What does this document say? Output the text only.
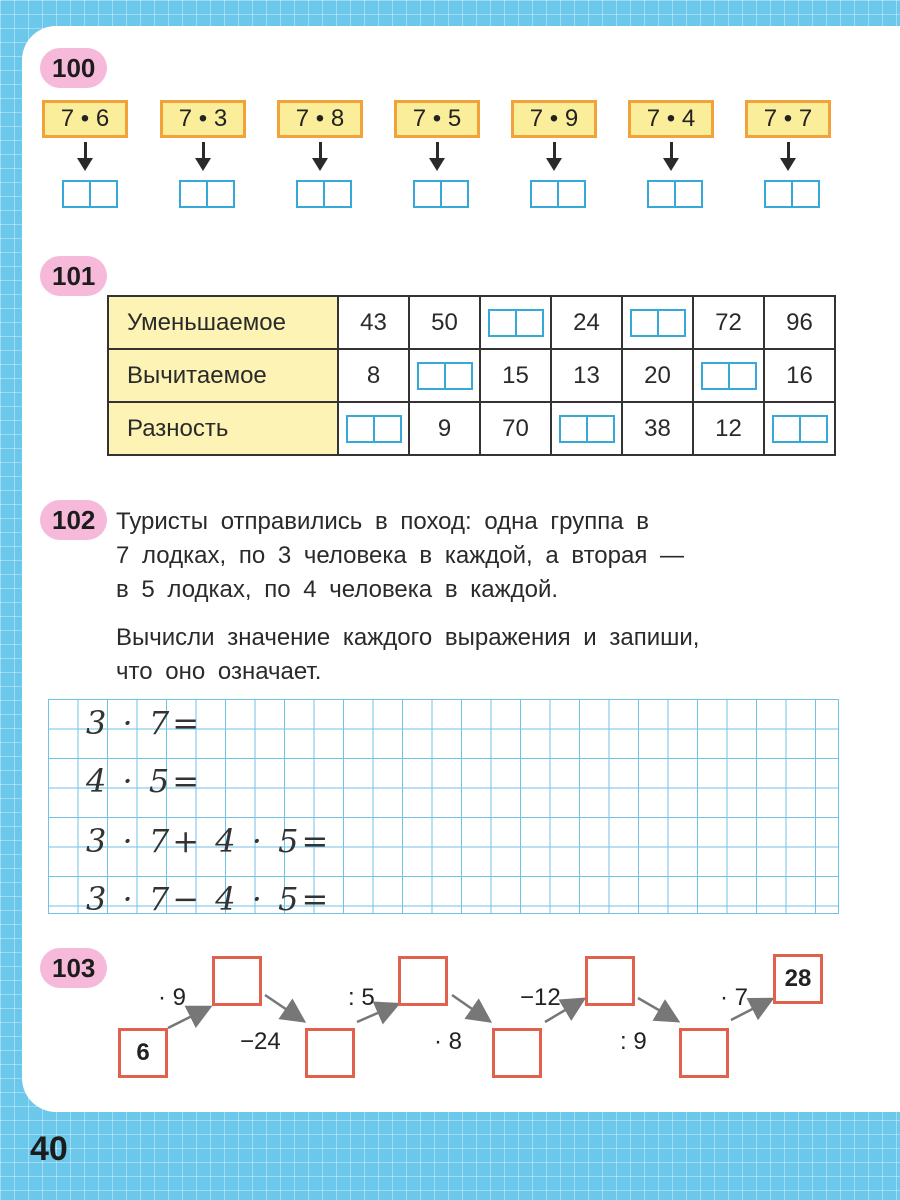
100
7 • 6	7 • 3	7 • 8	7 • 5	7 • 9	7 • 4	7 • 7
101
Уменьшаемое	43	50		24		72	96
Вычитаемое	8		15	13	20		16
Разность		9	70		38	12	
102 Туристы отправились в поход: одна группа в
7 лодках, по 3 человека в каждой, а вторая —
в 5 лодках, по 4 человека в каждой.
Вычисли значение каждого выражения и запиши,
что оно означает.
3 · 7=
4 · 5=
3 · 7+ 4 · 5=
3 · 7− 4 · 5=
103
6
28
· 9
−24
: 5
· 8
−12
: 9
· 7
40
